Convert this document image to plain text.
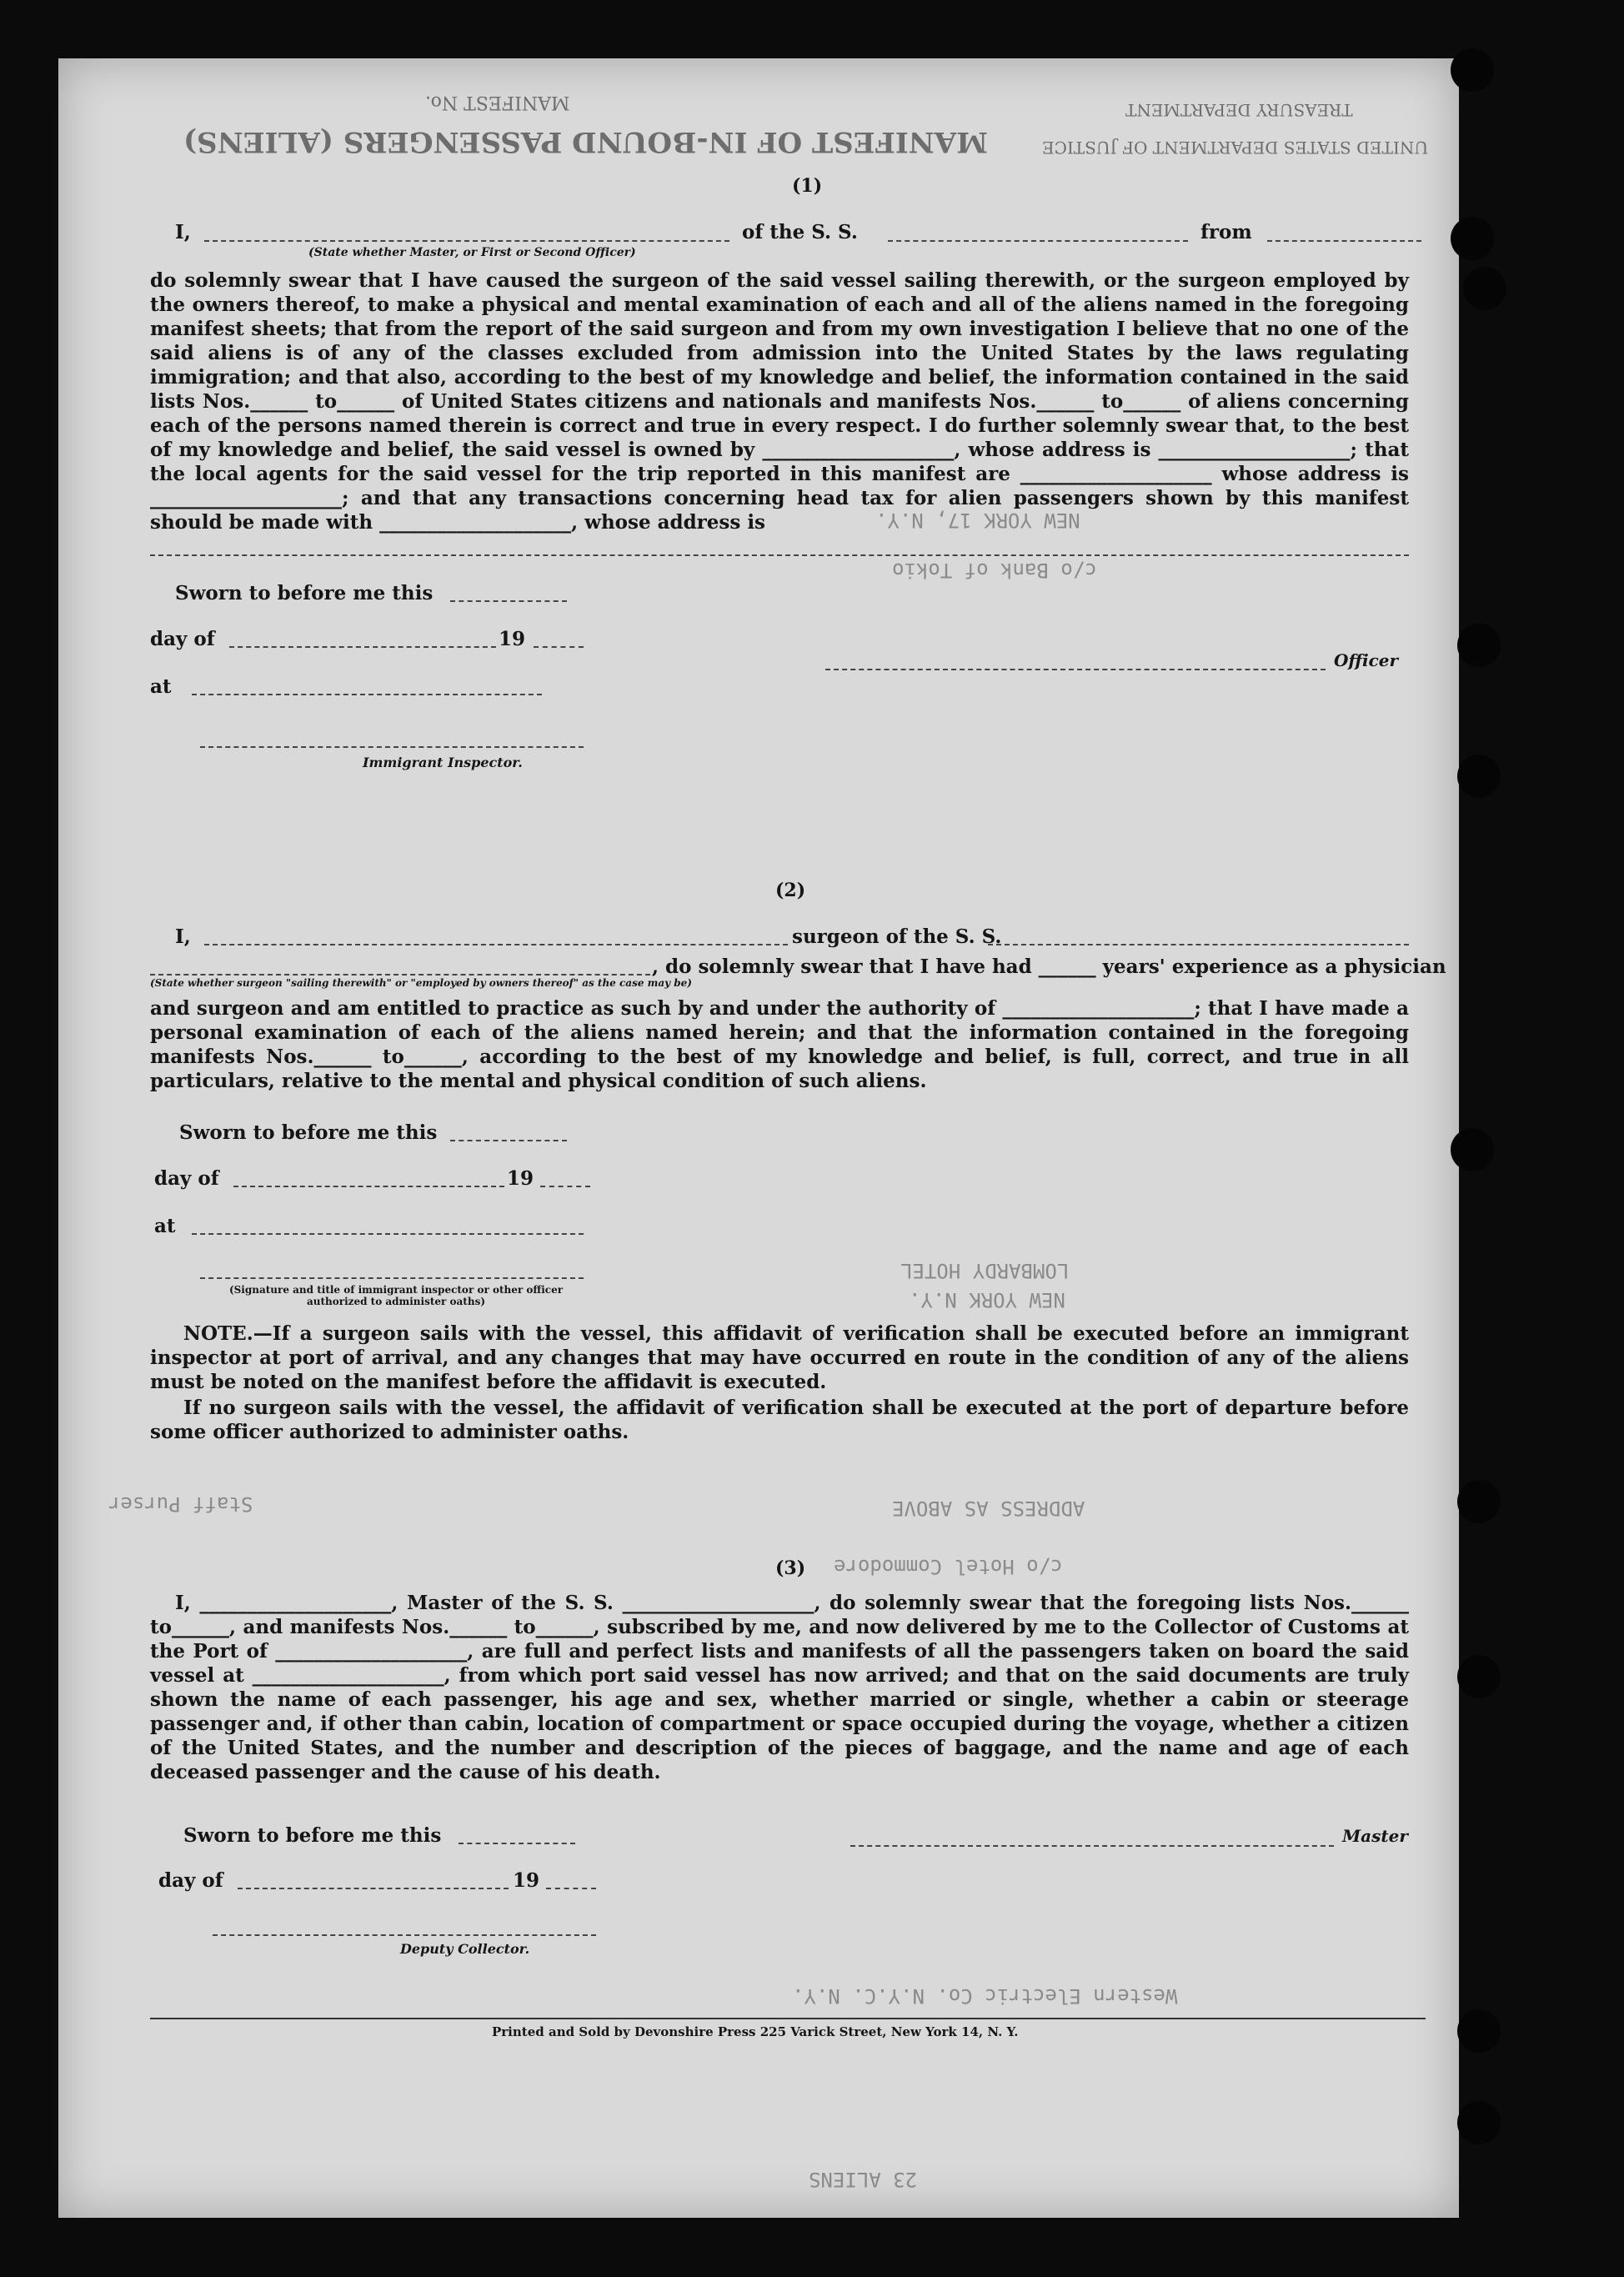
MANIFEST OF IN-BOUND PASSENGERS (ALIENS)
MANIFEST No.
UNITED STATES DEPARTMENT OF JUSTICE
TREASURY DEPARTMENT
(1)
I,	of the S. S.	from
(State whether Master, or First or Second Officer)
do solemnly swear that I have caused the surgeon of the said vessel sailing therewith, or the surgeon employed by the owners thereof, to make a physical and mental examination of each and all of the aliens named in the foregoing manifest sheets; that from the report of the said surgeon and from my own investigation I believe that no one of the said aliens is of any of the classes excluded from admission into the United States by the laws regulating immigration; and that also, according to the best of my knowledge and belief, the information contained in the said lists Nos.______ to______ of United States citizens and nationals and manifests Nos.______ to______ of aliens concerning each of the persons named therein is correct and true in every respect. I do further solemnly swear that, to the best of my knowledge and belief, the said vessel is owned by ____________________, whose address is ____________________; that the local agents for the said vessel for the trip reported in this manifest are ____________________ whose address is ____________________; and that any transactions concerning head tax for alien passengers shown by this manifest should be made with ____________________, whose address is
Sworn to before me this
day of	19
at
Immigrant Inspector.
Officer
(2)
I,	surgeon of the S. S.
, do solemnly swear that I have had ______ years' experience as a physician
(State whether surgeon "sailing therewith" or "employed by owners thereof" as the case may be)
and surgeon and am entitled to practice as such by and under the authority of ____________________; that I have made a personal examination of each of the aliens named herein; and that the information contained in the foregoing manifests Nos.______ to______, according to the best of my knowledge and belief, is full, correct, and true in all particulars, relative to the mental and physical condition of such aliens.
Sworn to before me this
day of	19
at
(Signature and title of immigrant inspector or other officer authorized to administer oaths)
NOTE.—If a surgeon sails with the vessel, this affidavit of verification shall be executed before an immigrant inspector at port of arrival, and any changes that may have occurred en route in the condition of any of the aliens must be noted on the manifest before the affidavit is executed.
If no surgeon sails with the vessel, the affidavit of verification shall be executed at the port of departure before some officer authorized to administer oaths.
(3)
I, ____________________, Master of the S. S. ____________________, do solemnly swear that the foregoing lists Nos.______ to______, and manifests Nos.______ to______, subscribed by me, and now delivered by me to the Collector of Customs at the Port of ____________________, are full and perfect lists and manifests of all the passengers taken on board the said vessel at ____________________, from which port said vessel has now arrived; and that on the said documents are truly shown the name of each passenger, his age and sex, whether married or single, whether a cabin or steerage passenger and, if other than cabin, location of compartment or space occupied during the voyage, whether a citizen of the United States, and the number and description of the pieces of baggage, and the name and age of each deceased passenger and the cause of his death.
Sworn to before me this
day of	19
Deputy Collector.
Master
Printed and Sold by Devonshire Press 225 Varick Street, New York 14, N. Y.
NEW YORK 17, N.Y.
c/o Bank of Tokio
LOMBARDY HOTEL
NEW YORK N.Y.
ADDRESS AS ABOVE
c/o Hotel Commodore
Western Electric Co. N.Y.C. N.Y.
23 ALIENS
Staff Purser
